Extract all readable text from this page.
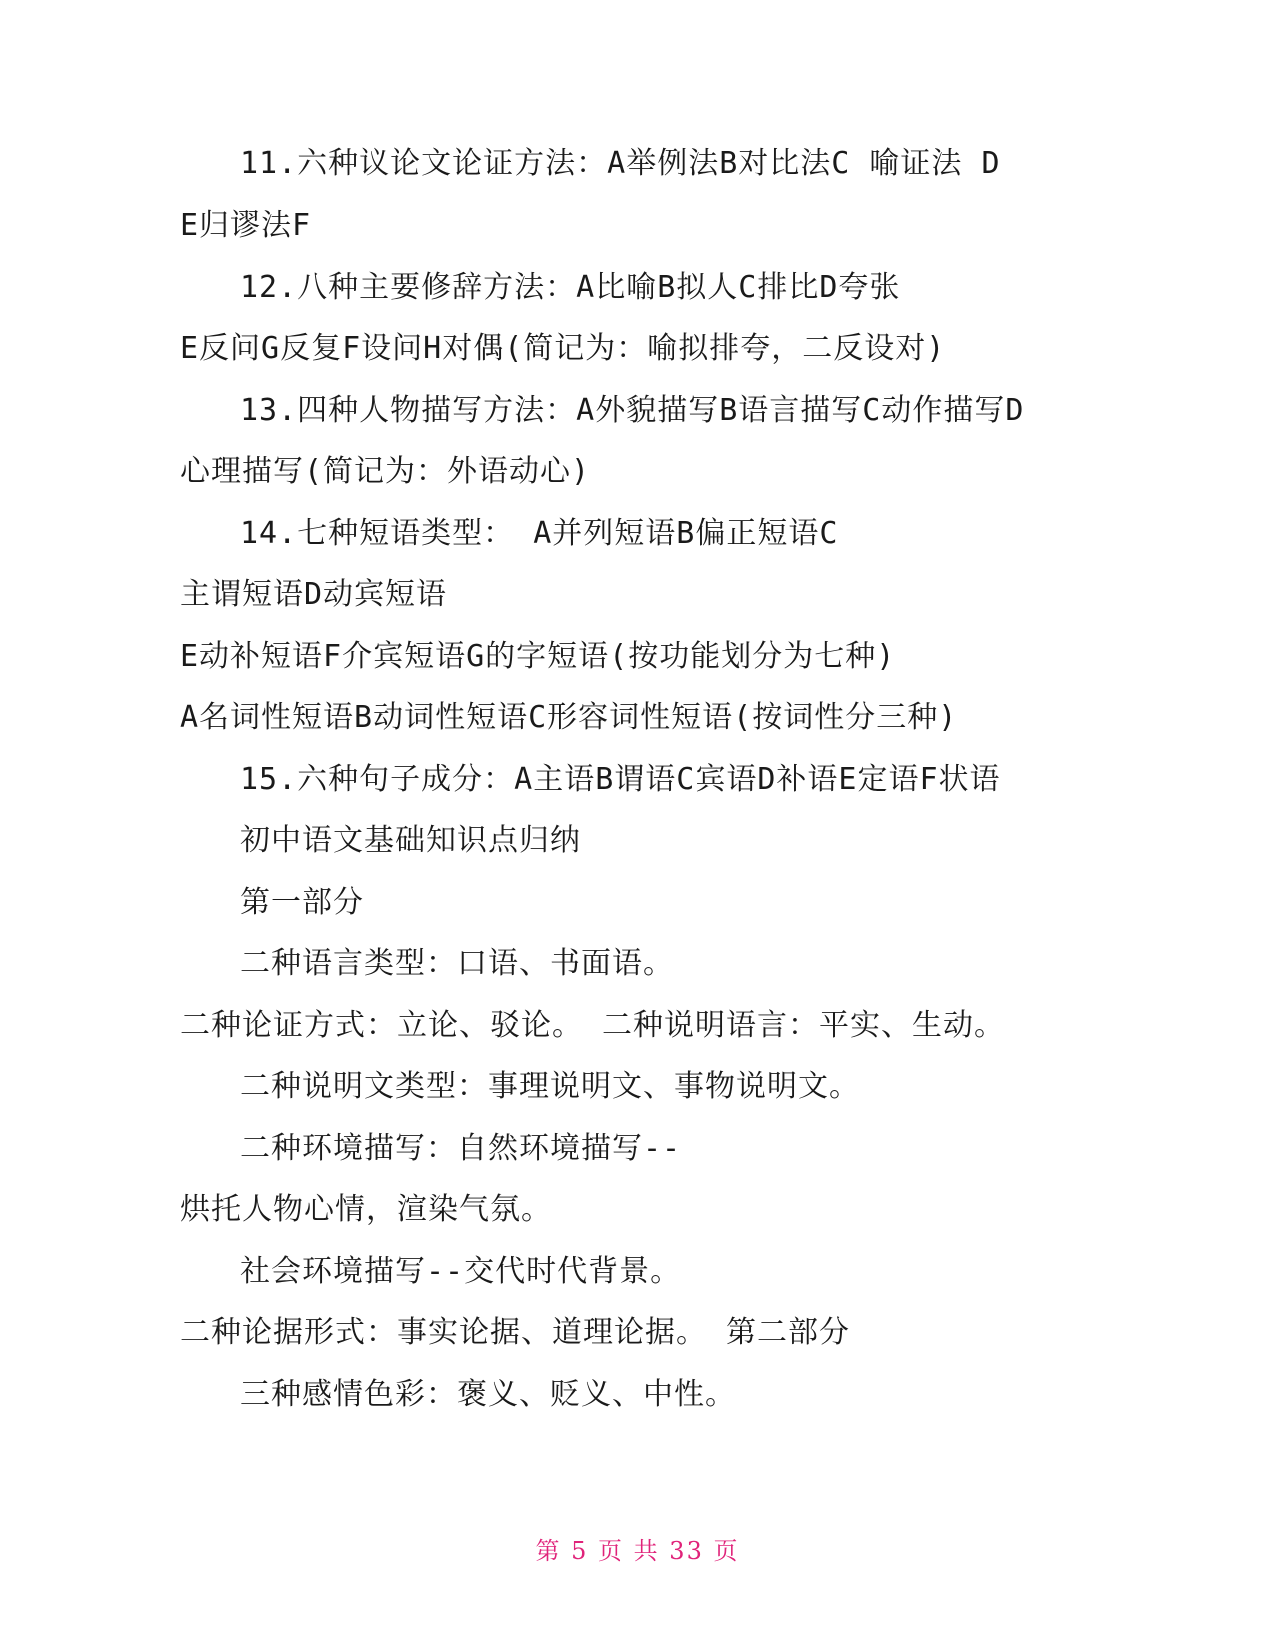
11.六种议论文论证方法：A举例法B对比法C 喻证法 D
E归谬法F
12.八种主要修辞方法：A比喻B拟人C排比D夸张
E反问G反复F设问H对偶(简记为：喻拟排夸，二反设对)
13.四种人物描写方法：A外貌描写B语言描写C动作描写D
心理描写(简记为：外语动心)
14.七种短语类型： A并列短语B偏正短语C
主谓短语D动宾短语
E动补短语F介宾短语G的字短语(按功能划分为七种)
A名词性短语B动词性短语C形容词性短语(按词性分三种)
15.六种句子成分：A主语B谓语C宾语D补语E定语F状语
初中语文基础知识点归纳
第一部分
二种语言类型：口语、书面语。
二种论证方式：立论、驳论。 二种说明语言：平实、生动。
二种说明文类型：事理说明文、事物说明文。
二种环境描写：自然环境描写--
烘托人物心情，渲染气氛。
社会环境描写--交代时代背景。
二种论据形式：事实论据、道理论据。 第二部分
三种感情色彩：褒义、贬义、中性。
第 5 页 共 33 页
